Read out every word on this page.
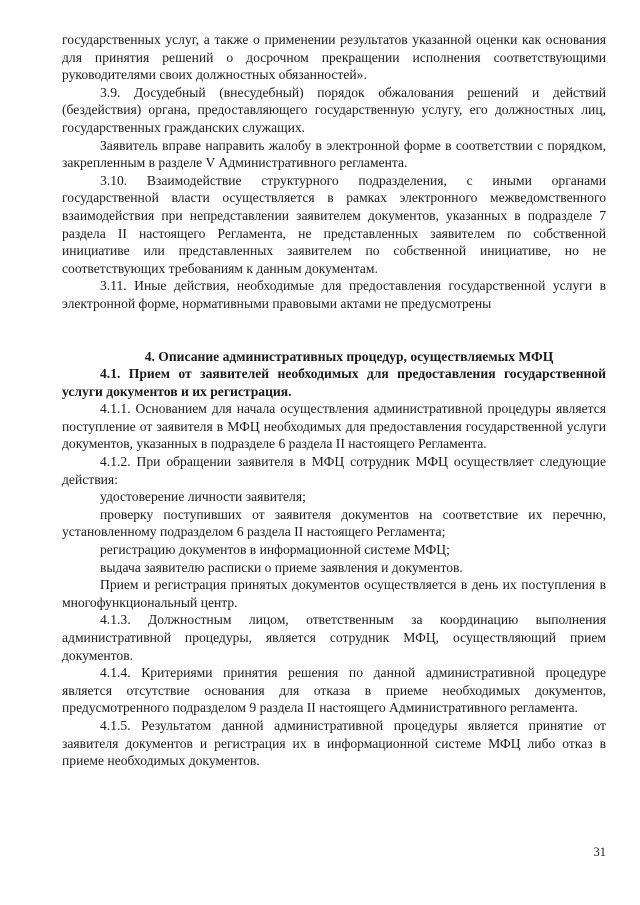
государственных услуг, а также о применении результатов указанной оценки как основания для принятия решений о досрочном прекращении исполнения соответствующими руководителями своих должностных обязанностей».

3.9. Досудебный (внесудебный) порядок обжалования решений и действий (бездействия) органа, предоставляющего государственную услугу, его должностных лиц, государственных гражданских служащих.

Заявитель вправе направить жалобу в электронной форме в соответствии с порядком, закрепленным в разделе V Административного регламента.

3.10. Взаимодействие структурного подразделения, с иными органами государственной власти осуществляется в рамках электронного межведомственного взаимодействия при непредставлении заявителем документов, указанных в подразделе 7 раздела II настоящего Регламента, не представленных заявителем по собственной инициативе или представленных заявителем по собственной инициативе, но не соответствующих требованиям к данным документам.

3.11. Иные действия, необходимые для предоставления государственной услуги в электронной форме, нормативными правовыми актами не предусмотрены

4. Описание административных процедур, осуществляемых МФЦ

4.1. Прием от заявителей необходимых для предоставления государственной услуги документов и их регистрация.

4.1.1. Основанием для начала осуществления административной процедуры является поступление от заявителя в МФЦ необходимых для предоставления государственной услуги документов, указанных в подразделе 6 раздела II настоящего Регламента.

4.1.2. При обращении заявителя в МФЦ сотрудник МФЦ осуществляет следующие действия:

удостоверение личности заявителя;

проверку поступивших от заявителя документов на соответствие их перечню, установленному подразделом 6 раздела II настоящего Регламента;

регистрацию документов в информационной системе МФЦ;

выдача заявителю расписки о приеме заявления и документов.

Прием и регистрация принятых документов осуществляется в день их поступления в многофункциональный центр.

4.1.3. Должностным лицом, ответственным за координацию выполнения административной процедуры, является сотрудник МФЦ, осуществляющий прием документов.

4.1.4. Критериями принятия решения по данной административной процедуре является отсутствие основания для отказа в приеме необходимых документов, предусмотренного подразделом 9 раздела II настоящего Административного регламента.

4.1.5. Результатом данной административной процедуры является принятие от заявителя документов и регистрация их в информационной системе МФЦ либо отказ в приеме необходимых документов.

31
